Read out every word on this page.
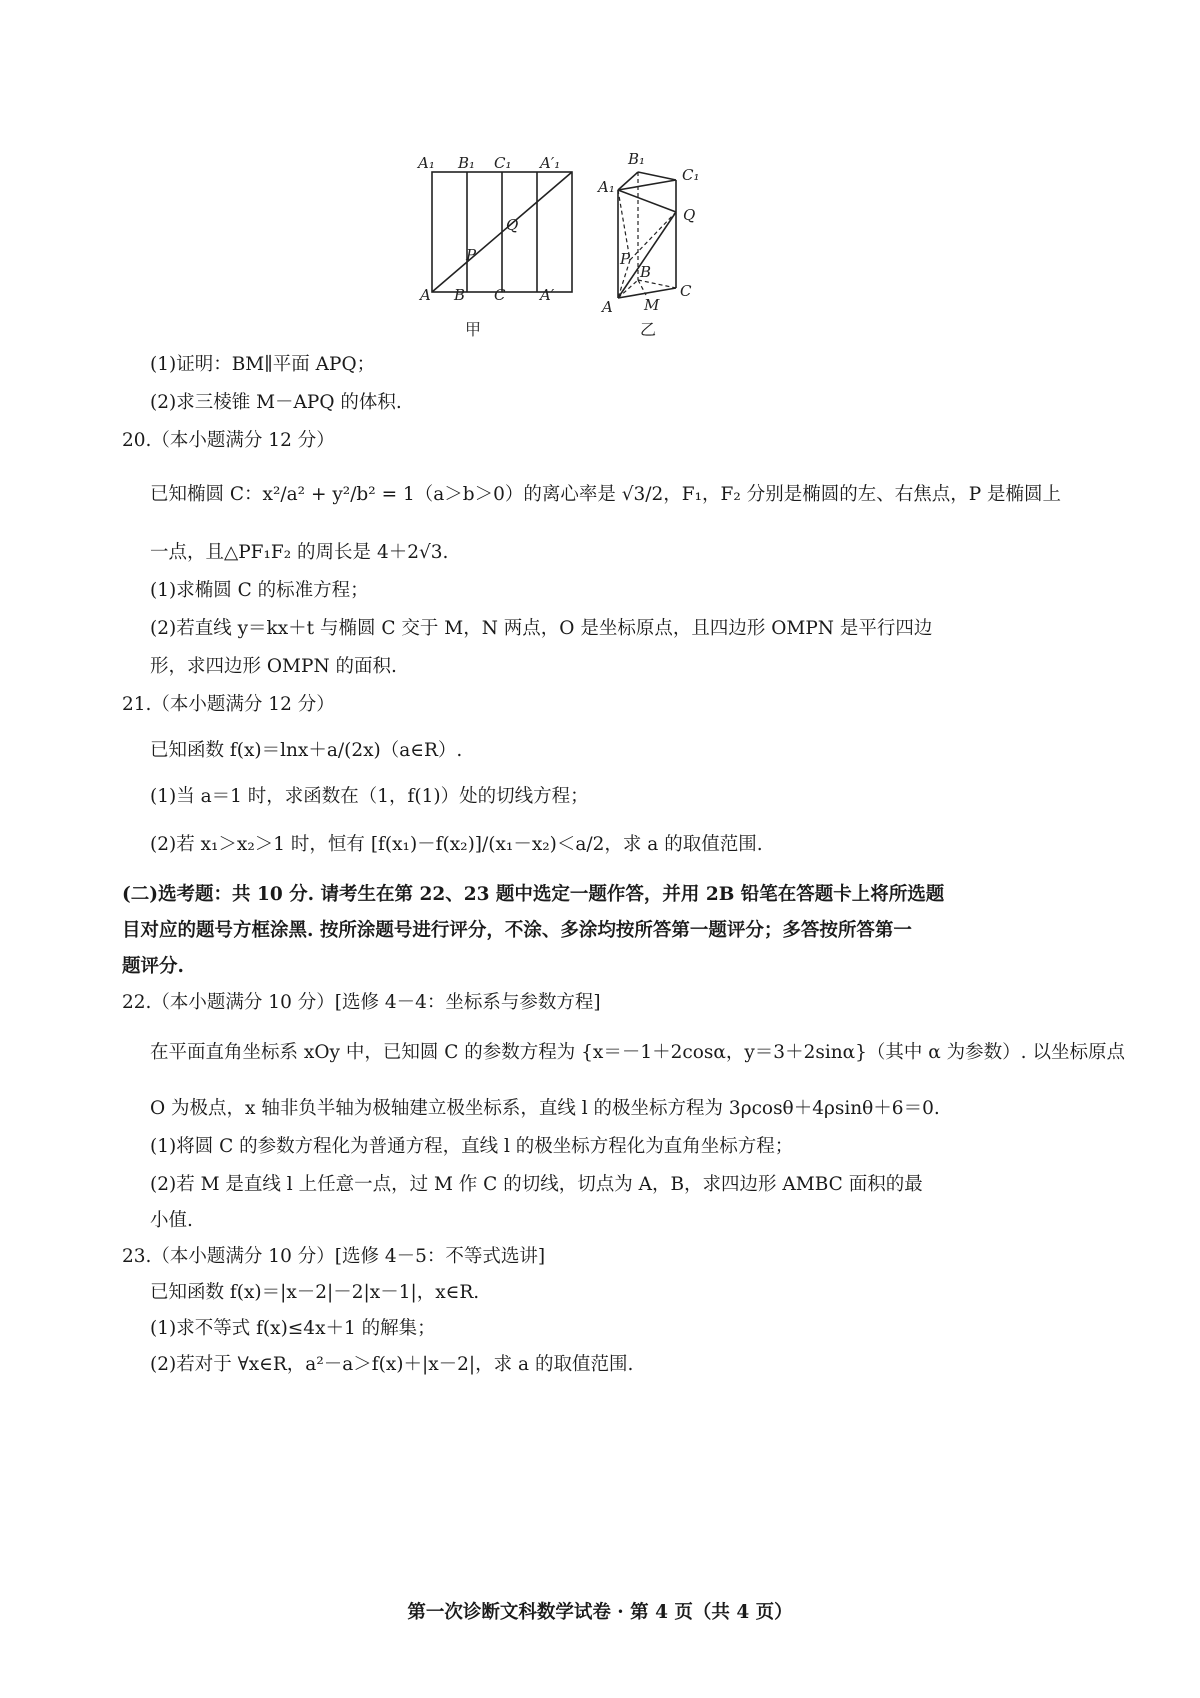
A₁ B₁ C₁ A′₁
Q
P
A B C A′
甲
B₁
C₁
A₁
Q
P
B
C
M
A
乙
(1)证明：BM∥平面 APQ；
(2)求三棱锥 M－APQ 的体积.
20.（本小题满分 12 分）
已知椭圆 C：x²/a² + y²/b² = 1（a＞b＞0）的离心率是 √3/2，F₁，F₂ 分别是椭圆的左、右焦点，P 是椭圆上
一点，且△PF₁F₂ 的周长是 4＋2√3.
(1)求椭圆 C 的标准方程；
(2)若直线 y＝kx＋t 与椭圆 C 交于 M，N 两点，O 是坐标原点，且四边形 OMPN 是平行四边
形，求四边形 OMPN 的面积.
21.（本小题满分 12 分）
已知函数 f(x)＝lnx＋a/(2x)（a∈R）.
(1)当 a＝1 时，求函数在（1，f(1)）处的切线方程；
(2)若 x₁＞x₂＞1 时，恒有 [f(x₁)－f(x₂)]/(x₁－x₂)＜a/2，求 a 的取值范围.
(二)选考题：共 10 分. 请考生在第 22、23 题中选定一题作答，并用 2B 铅笔在答题卡上将所选题
目对应的题号方框涂黑. 按所涂题号进行评分，不涂、多涂均按所答第一题评分；多答按所答第一
题评分.
22.（本小题满分 10 分）[选修 4－4：坐标系与参数方程]
在平面直角坐标系 xOy 中，已知圆 C 的参数方程为 {x＝－1＋2cosα，y＝3＋2sinα}（其中 α 为参数）. 以坐标原点
O 为极点，x 轴非负半轴为极轴建立极坐标系，直线 l 的极坐标方程为 3ρcosθ＋4ρsinθ＋6＝0.
(1)将圆 C 的参数方程化为普通方程，直线 l 的极坐标方程化为直角坐标方程；
(2)若 M 是直线 l 上任意一点，过 M 作 C 的切线，切点为 A，B，求四边形 AMBC 面积的最
小值.
23.（本小题满分 10 分）[选修 4－5：不等式选讲]
已知函数 f(x)＝|x－2|－2|x－1|，x∈R.
(1)求不等式 f(x)≤4x＋1 的解集；
(2)若对于 ∀x∈R，a²－a＞f(x)＋|x－2|，求 a 的取值范围.
第一次诊断文科数学试卷 · 第 4 页（共 4 页）
